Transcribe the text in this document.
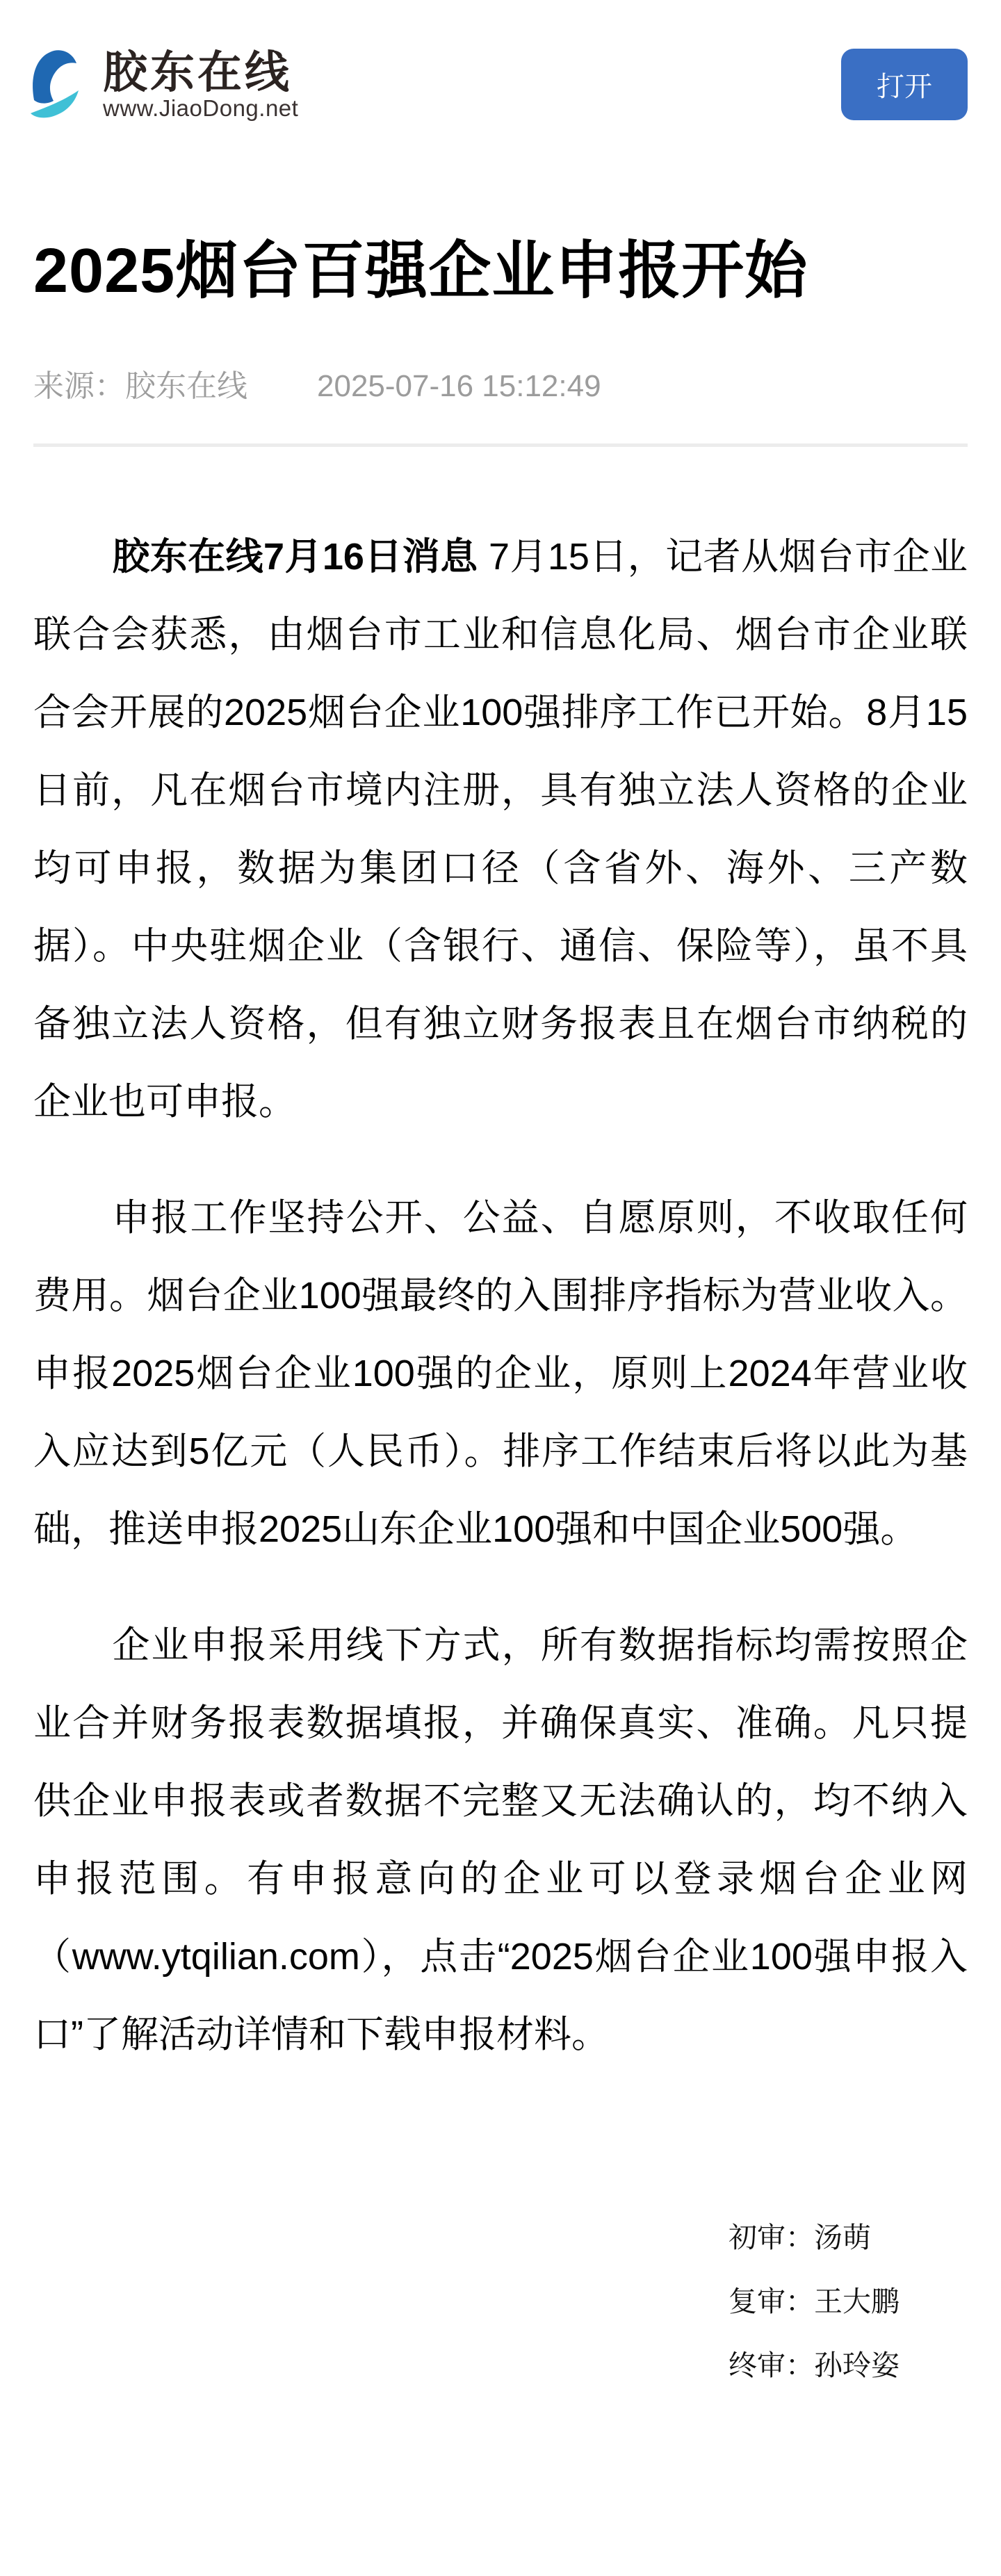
胶东在线
www.JiaoDong.net
打开
2025烟台百强企业申报开始
来源：胶东在线 2025-07-16 15:12:49

胶东在线7月16日消息 7月15日，记者从烟台市企业联合会获悉，由烟台市工业和信息化局、烟台市企业联合会开展的2025烟台企业100强排序工作已开始。8月15日前，凡在烟台市境内注册，具有独立法人资格的企业均可申报，数据为集团口径（含省外、海外、三产数据）。中央驻烟企业（含银行、通信、保险等），虽不具备独立法人资格，但有独立财务报表且在烟台市纳税的企业也可申报。

申报工作坚持公开、公益、自愿原则，不收取任何费用。烟台企业100强最终的入围排序指标为营业收入。申报2025烟台企业100强的企业，原则上2024年营业收入应达到5亿元（人民币）。排序工作结束后将以此为基础，推送申报2025山东企业100强和中国企业500强。

企业申报采用线下方式，所有数据指标均需按照企业合并财务报表数据填报，并确保真实、准确。凡只提供企业申报表或者数据不完整又无法确认的，均不纳入申报范围。有申报意向的企业可以登录烟台企业网（www.ytqilian.com），点击“2025烟台企业100强申报入口”了解活动详情和下载申报材料。

初审：汤萌
复审：王大鹏
终审：孙玲姿
